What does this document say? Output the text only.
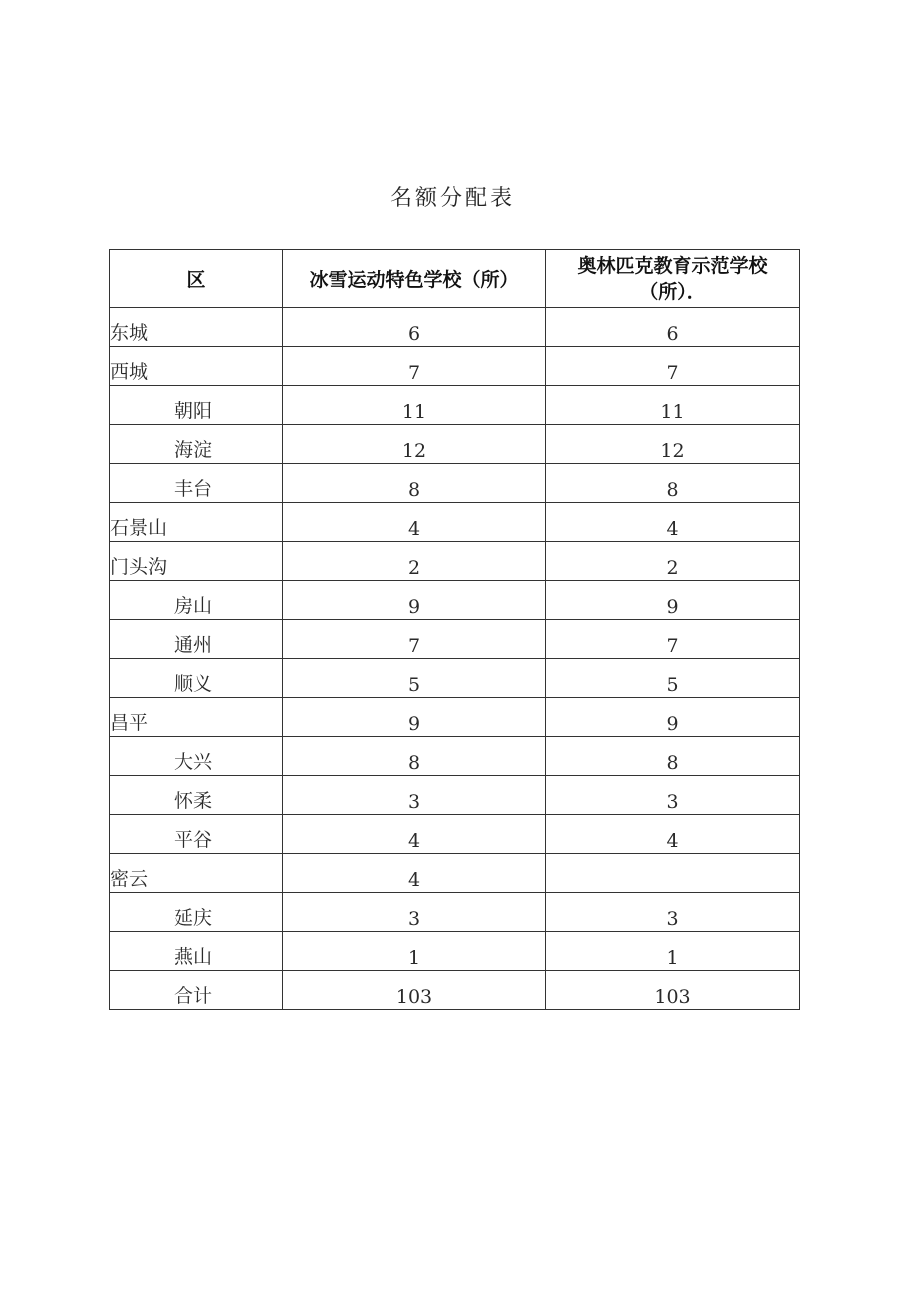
名额分配表
区	冰雪运动特色学校（所）	奥林匹克教育示范学校（所）．
东城	6	6
西城	7	7
朝阳	11	11
海淀	12	12
丰台	8	8
石景山	4	4
门头沟	2	2
房山	9	9
通州	7	7
顺义	5	5
昌平	9	9
大兴	8	8
怀柔	3	3
平谷	4	4
密云	4	
延庆	3	3
燕山	1	1
合计	103	103
